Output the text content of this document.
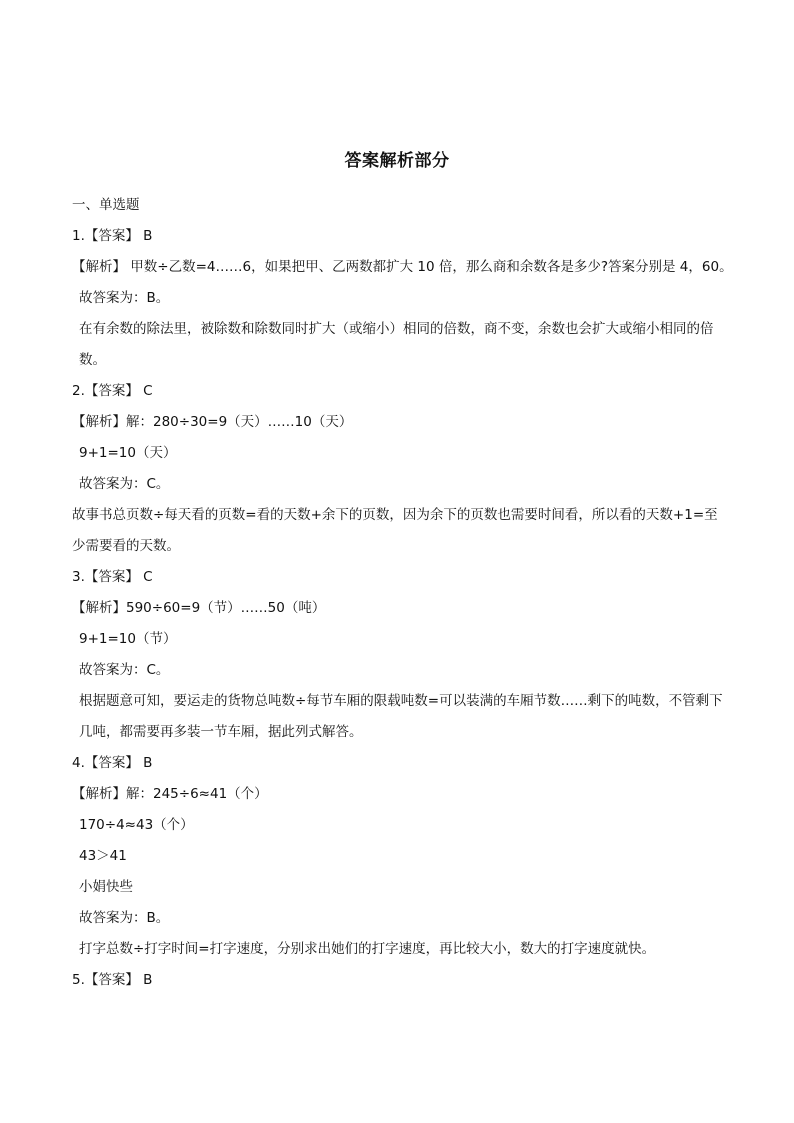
答案解析部分
一、单选题
1.【答案】 B
【解析】 甲数÷乙数=4……6，如果把甲、乙两数都扩大 10 倍，那么商和余数各是多少?答案分别是 4，60。
故答案为：B。
在有余数的除法里，被除数和除数同时扩大（或缩小）相同的倍数，商不变，余数也会扩大或缩小相同的倍数。
2.【答案】 C
【解析】解：280÷30=9（天）……10（天）
9+1=10（天）
故答案为：C。
故事书总页数÷每天看的页数=看的天数+余下的页数，因为余下的页数也需要时间看，所以看的天数+1=至少需要看的天数。
3.【答案】 C
【解析】590÷60=9（节）……50（吨）
9+1=10（节）
故答案为：C。
根据题意可知，要运走的货物总吨数÷每节车厢的限载吨数=可以装满的车厢节数……剩下的吨数，不管剩下几吨，都需要再多装一节车厢，据此列式解答。
4.【答案】 B
【解析】解：245÷6≈41（个）
170÷4≈43（个）
43＞41
小娟快些
故答案为：B。
打字总数÷打字时间=打字速度，分别求出她们的打字速度，再比较大小，数大的打字速度就快。
5.【答案】 B
